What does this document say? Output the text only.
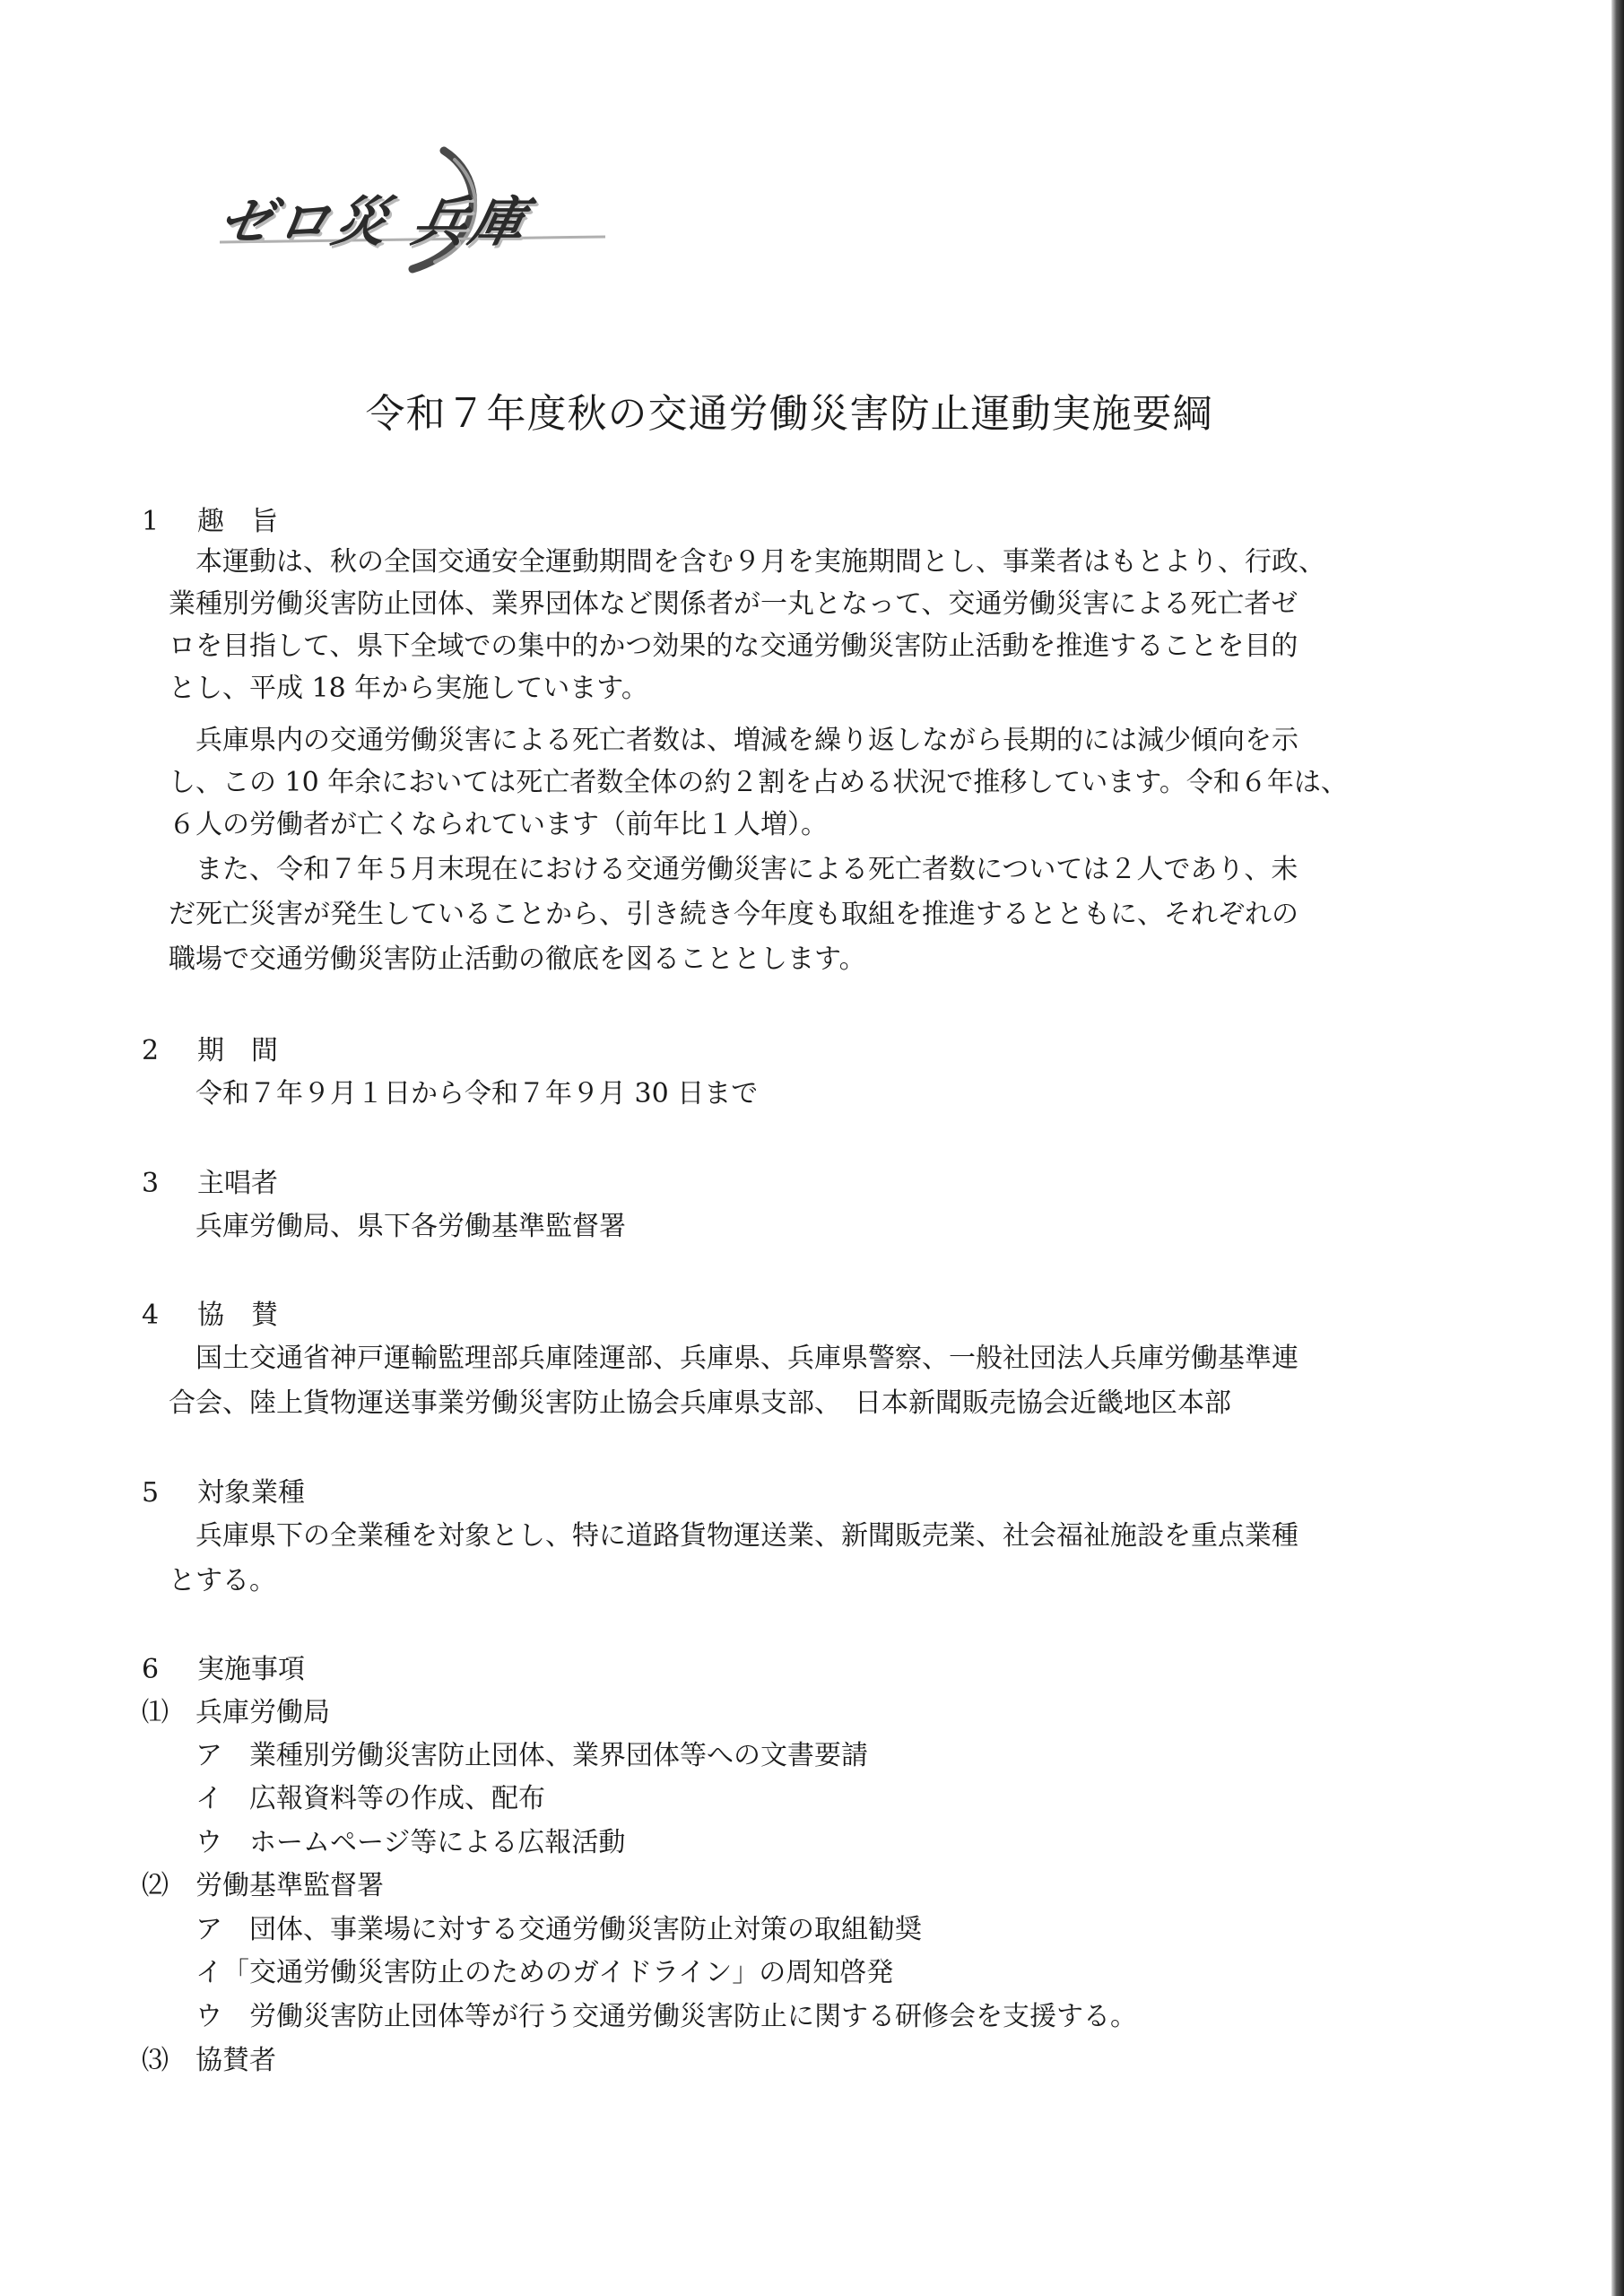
ゼロ災 兵庫
令和７年度秋の交通労働災害防止運動実施要綱
1 趣　旨
　本運動は、秋の全国交通安全運動期間を含む９月を実施期間とし、事業者はもとより、行政、
業種別労働災害防止団体、業界団体など関係者が一丸となって、交通労働災害による死亡者ゼ
ロを目指して、県下全域での集中的かつ効果的な交通労働災害防止活動を推進することを目的
とし、平成 18 年から実施しています。
　兵庫県内の交通労働災害による死亡者数は、増減を繰り返しながら長期的には減少傾向を示
し、この 10 年余においては死亡者数全体の約２割を占める状況で推移しています。令和６年は、
６人の労働者が亡くなられています（前年比１人増）。
　また、令和７年５月末現在における交通労働災害による死亡者数については２人であり、未
だ死亡災害が発生していることから、引き続き今年度も取組を推進するとともに、それぞれの
職場で交通労働災害防止活動の徹底を図ることとします。
2 期　間
　令和７年９月１日から令和７年９月 30 日まで
3 主唱者
　兵庫労働局、県下各労働基準監督署
4 協　賛
　国土交通省神戸運輸監理部兵庫陸運部、兵庫県、兵庫県警察、一般社団法人兵庫労働基準連
合会、陸上貨物運送事業労働災害防止協会兵庫県支部、　日本新聞販売協会近畿地区本部
5 対象業種
　兵庫県下の全業種を対象とし、特に道路貨物運送業、新聞販売業、社会福祉施設を重点業種
とする。
6 実施事項
⑴　兵庫労働局
　　ア　業種別労働災害防止団体、業界団体等への文書要請
　　イ　広報資料等の作成、配布
　　ウ　ホームページ等による広報活動
⑵　労働基準監督署
　　ア　団体、事業場に対する交通労働災害防止対策の取組勧奨
　　イ「交通労働災害防止のためのガイドライン」の周知啓発
　　ウ　労働災害防止団体等が行う交通労働災害防止に関する研修会を支援する。
⑶　協賛者
